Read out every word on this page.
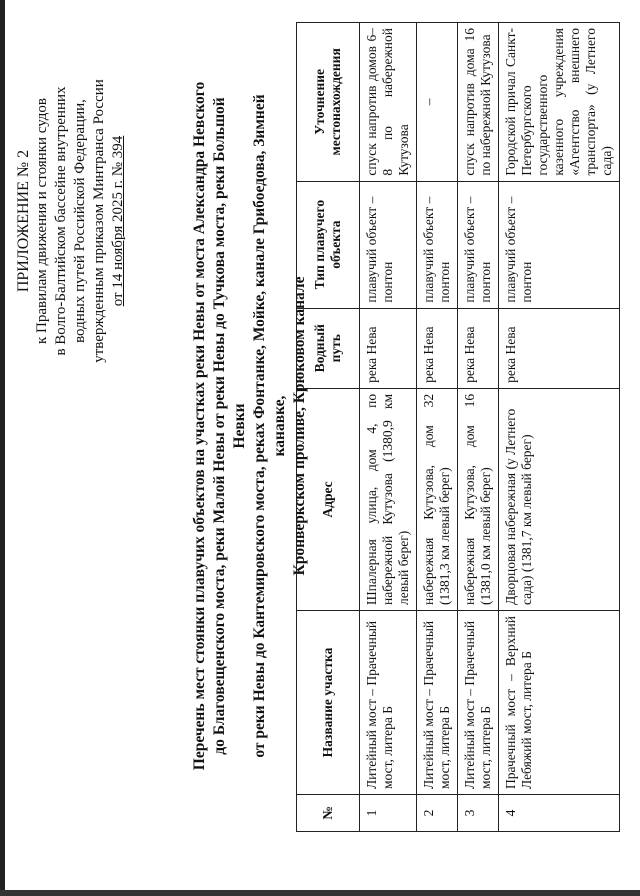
ПРИЛОЖЕНИЕ № 2 к Правилам движения и стоянки судов в Волго-Балтийском бассейне внутренних водных путей Российской Федерации, утвержденным приказом Минтранса России от 14 ноября 2025 г. № 394	Перечень мест стоянки плавучих объектов на участках реки Невы от моста Александра Невского до Благовещенского моста, реки Малой Невы от реки Невы до Тучкова моста, реки Большой Невки от реки Невы до Кантемировского моста, реках Фонтанке, Мойке, канале Грибоедова, Зимней канавке, Кронверкском проливе, Крюковом канале
№	Название участка	Адрес	Водный путь	Тип плавучего объекта	Уточнение местонахождения
1	Литейный мост – Прачечный мост, литера Б	Шпалерная улица, дом 4, по набережной Кутузова (1380,9 км левый берег)	река Нева	плавучий объект – понтон	спуск напротив домов 6–8 по набережной Кутузова
2	Литейный мост – Прачечный мост, литера Б	набережная Кутузова, дом 32 (1381,3 км левый берег)	река Нева	плавучий объект – понтон	–
3	Литейный мост – Прачечный мост, литера Б	набережная Кутузова, дом 16 (1381,0 км левый берег)	река Нева	плавучий объект – понтон	спуск напротив дома 16 по набережной Кутузова
4	Прачечный мост – Верхний Лебяжий мост, литера Б	Дворцовая набережная (у Летнего сада) (1381,7 км левый берег)	река Нева	плавучий объект – понтон	Городской причал Санкт-Петербургского государственного казенного учреждения «Агентство внешнего транспорта» (у Летнего сада)
